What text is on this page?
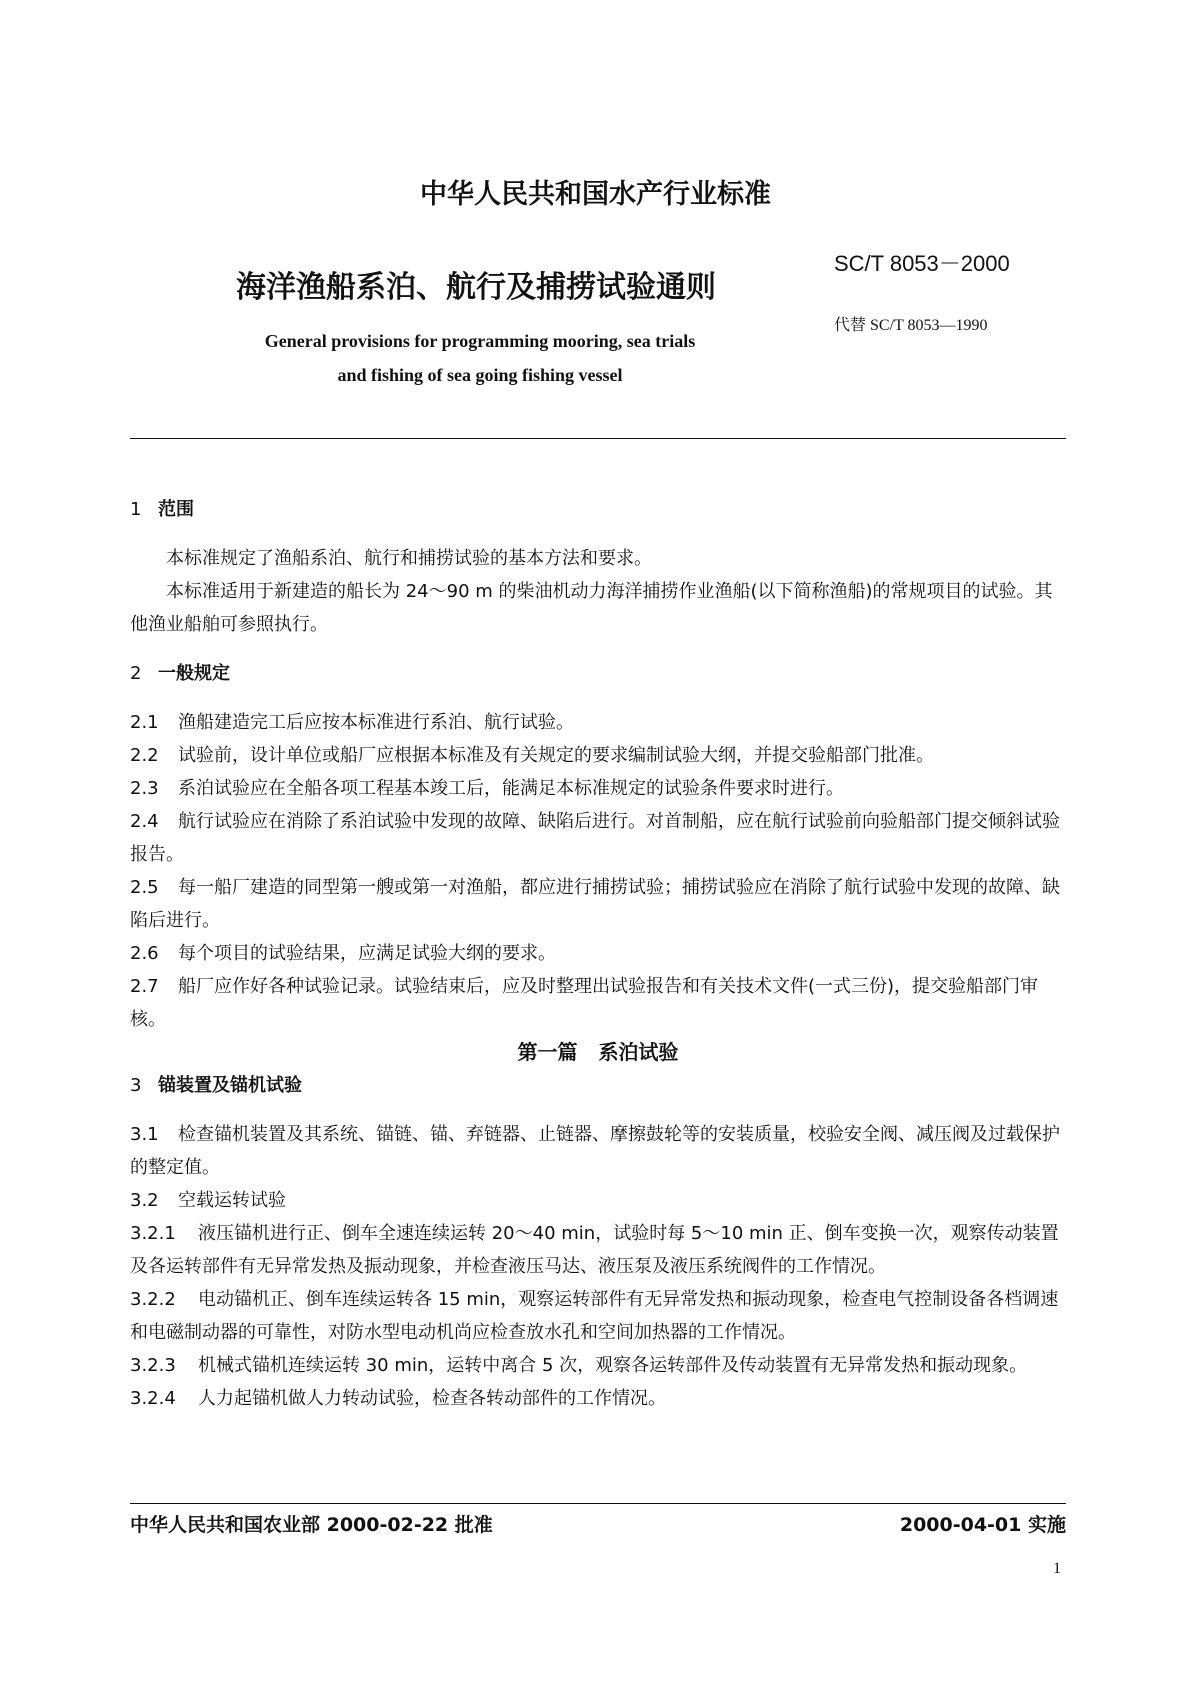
中华人民共和国水产行业标准
海洋渔船系泊、航行及捕捞试验通则
SC/T 8053－2000
代替 SC/T 8053—1990
General provisions for programming mooring, sea trials
and fishing of sea going fishing vessel

1 范围

本标准规定了渔船系泊、航行和捕捞试验的基本方法和要求。

本标准适用于新建造的船长为 24～90 m 的柴油机动力海洋捕捞作业渔船(以下简称渔船)的常规项目的试验。其他渔业船舶可参照执行。

2 一般规定

2.1 渔船建造完工后应按本标准进行系泊、航行试验。

2.2 试验前，设计单位或船厂应根据本标准及有关规定的要求编制试验大纲，并提交验船部门批准。

2.3 系泊试验应在全船各项工程基本竣工后，能满足本标准规定的试验条件要求时进行。

2.4 航行试验应在消除了系泊试验中发现的故障、缺陷后进行。对首制船，应在航行试验前向验船部门提交倾斜试验报告。

2.5 每一船厂建造的同型第一艘或第一对渔船，都应进行捕捞试验；捕捞试验应在消除了航行试验中发现的故障、缺陷后进行。

2.6 每个项目的试验结果，应满足试验大纲的要求。

2.7 船厂应作好各种试验记录。试验结束后，应及时整理出试验报告和有关技术文件(一式三份)，提交验船部门审核。

第一篇 系泊试验

3 锚装置及锚机试验

3.1 检查锚机装置及其系统、锚链、锚、弃链器、止链器、摩擦鼓轮等的安装质量，校验安全阀、减压阀及过载保护的整定值。

3.2 空载运转试验

3.2.1 液压锚机进行正、倒车全速连续运转 20～40 min，试验时每 5～10 min 正、倒车变换一次，观察传动装置及各运转部件有无异常发热及振动现象，并检查液压马达、液压泵及液压系统阀件的工作情况。

3.2.2 电动锚机正、倒车连续运转各 15 min，观察运转部件有无异常发热和振动现象，检查电气控制设备各档调速和电磁制动器的可靠性，对防水型电动机尚应检查放水孔和空间加热器的工作情况。

3.2.3 机械式锚机连续运转 30 min，运转中离合 5 次，观察各运转部件及传动装置有无异常发热和振动现象。

3.2.4 人力起锚机做人力转动试验，检查各转动部件的工作情况。

中华人民共和国农业部 2000-02-22 批准	2000-04-01 实施
1
